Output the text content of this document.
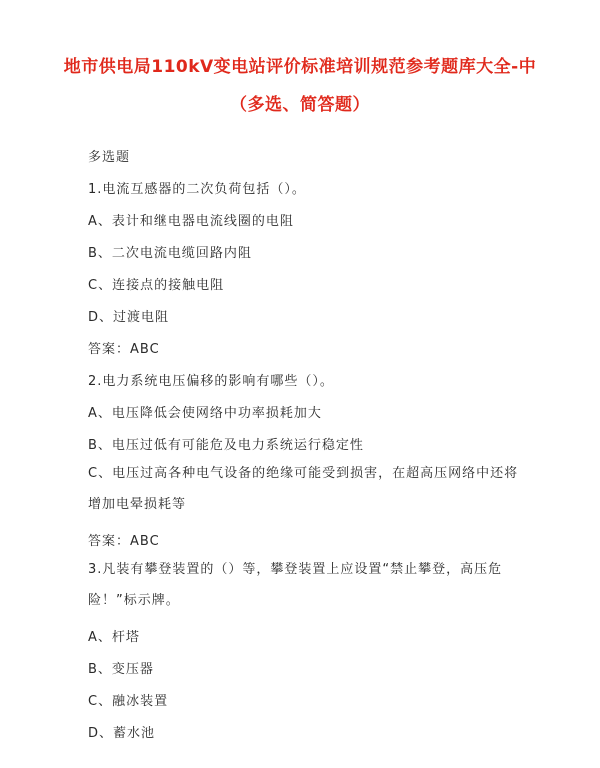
地市供电局110kV变电站评价标准培训规范参考题库大全-中
（多选、简答题）
多选题
1.电流互感器的二次负荷包括（）。
A、表计和继电器电流线圈的电阻
B、二次电流电缆回路内阻
C、连接点的接触电阻
D、过渡电阻
答案：ABC
2.电力系统电压偏移的影响有哪些（）。
A、电压降低会使网络中功率损耗加大
B、电压过低有可能危及电力系统运行稳定性
C、电压过高各种电气设备的绝缘可能受到损害，在超高压网络中还将增加电晕损耗等
答案：ABC
3.凡装有攀登装置的（）等，攀登装置上应设置“禁止攀登，高压危险！”标示牌。
A、杆塔
B、变压器
C、融冰装置
D、蓄水池
